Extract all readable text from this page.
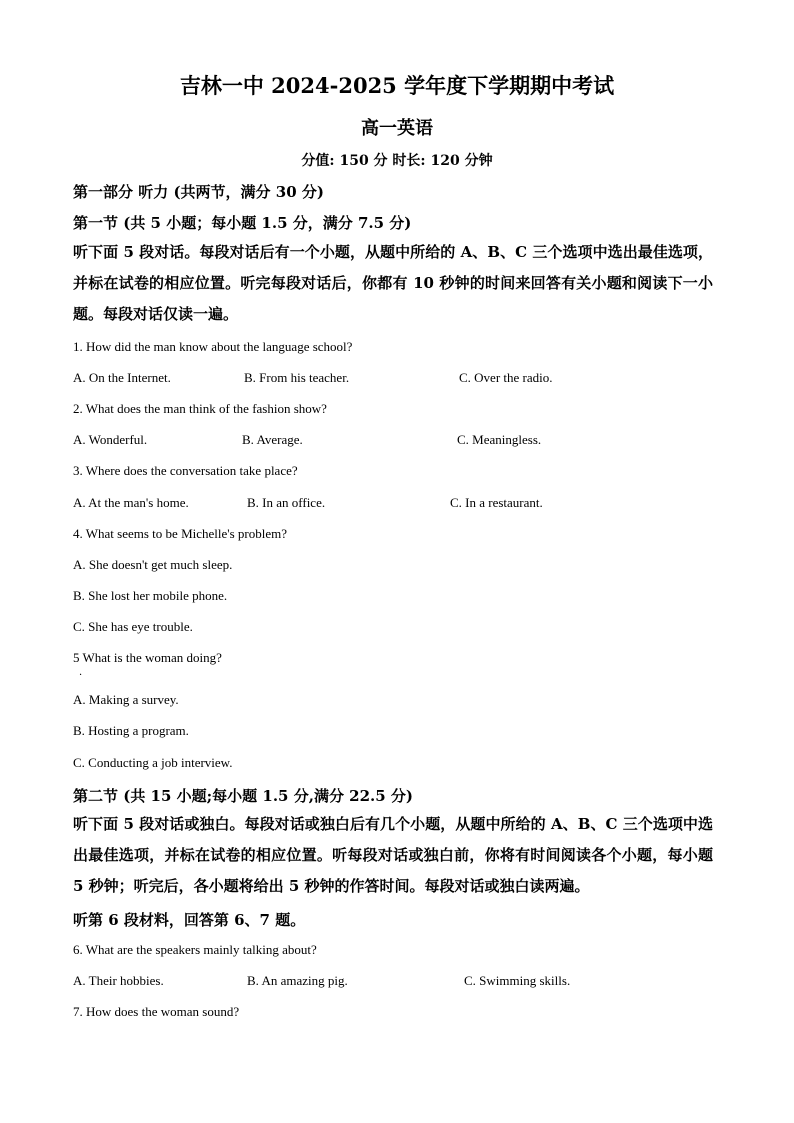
吉林一中 2024-2025 学年度下学期期中考试
高一英语
分值: 150 分 时长: 120 分钟
第一部分 听力 (共两节，满分 30 分)
第一节 (共 5 小题；每小题 1.5 分，满分 7.5 分)
听下面 5 段对话。每段对话后有一个小题，从题中所给的 A、B、C 三个选项中选出最佳选项，并标在试卷的相应位置。听完每段对话后，你都有 10 秒钟的时间来回答有关小题和阅读下一小题。每段对话仅读一遍。
1. How did the man know about the language school?
A. On the Internet.	B. From his teacher.	C. Over the radio.
2. What does the man think of the fashion show?
A. Wonderful.	B. Average.	C. Meaningless.
3. Where does the conversation take place?
A. At the man's home.	B. In an office.	C. In a restaurant.
4. What seems to be Michelle's problem?
A. She doesn't get much sleep.
B. She lost her mobile phone.
C. She has eye trouble.
5 What is the woman doing?
·
A. Making a survey.
B. Hosting a program.
C. Conducting a job interview.
第二节 (共 15 小题;每小题 1.5 分,满分 22.5 分)
听下面 5 段对话或独白。每段对话或独白后有几个小题，从题中所给的 A、B、C 三个选项中选出最佳选项，并标在试卷的相应位置。听每段对话或独白前，你将有时间阅读各个小题，每小题 5 秒钟；听完后，各小题将给出 5 秒钟的作答时间。每段对话或独白读两遍。
听第 6 段材料，回答第 6、7 题。
6. What are the speakers mainly talking about?
A. Their hobbies.	B. An amazing pig.	C. Swimming skills.
7. How does the woman sound?
